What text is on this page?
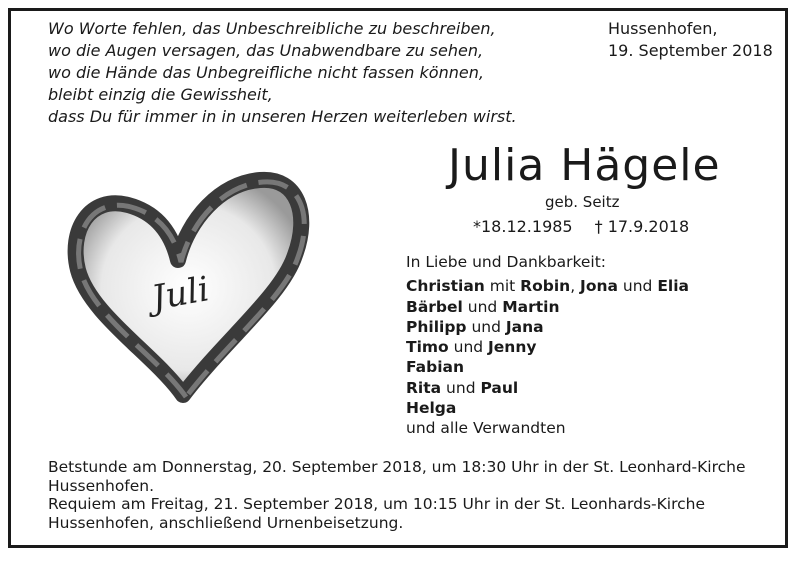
Wo Worte fehlen, das Unbeschreibliche zu beschreiben,
wo die Augen versagen, das Unabwendbare zu sehen,
wo die Hände das Unbegreifliche nicht fassen können,
bleibt einzig die Gewissheit,
dass Du für immer in in unseren Herzen weiterleben wirst.
Hussenhofen,
19. September 2018
Juli
Julia Hägele
geb. Seitz
*18.12.1985 † 17.9.2018
In Liebe und Dankbarkeit:
Christian mit Robin, Jona und Elia
Bärbel und Martin
Philipp und Jana
Timo und Jenny
Fabian
Rita und Paul
Helga
und alle Verwandten

Betstunde am Donnerstag, 20. September 2018, um 18:30 Uhr in der St. Leonhard-Kirche Hussenhofen.

Requiem am Freitag, 21. September 2018, um 10:15 Uhr in der St. Leonhards-Kirche Hussenhofen, anschließend Urnenbeisetzung.
